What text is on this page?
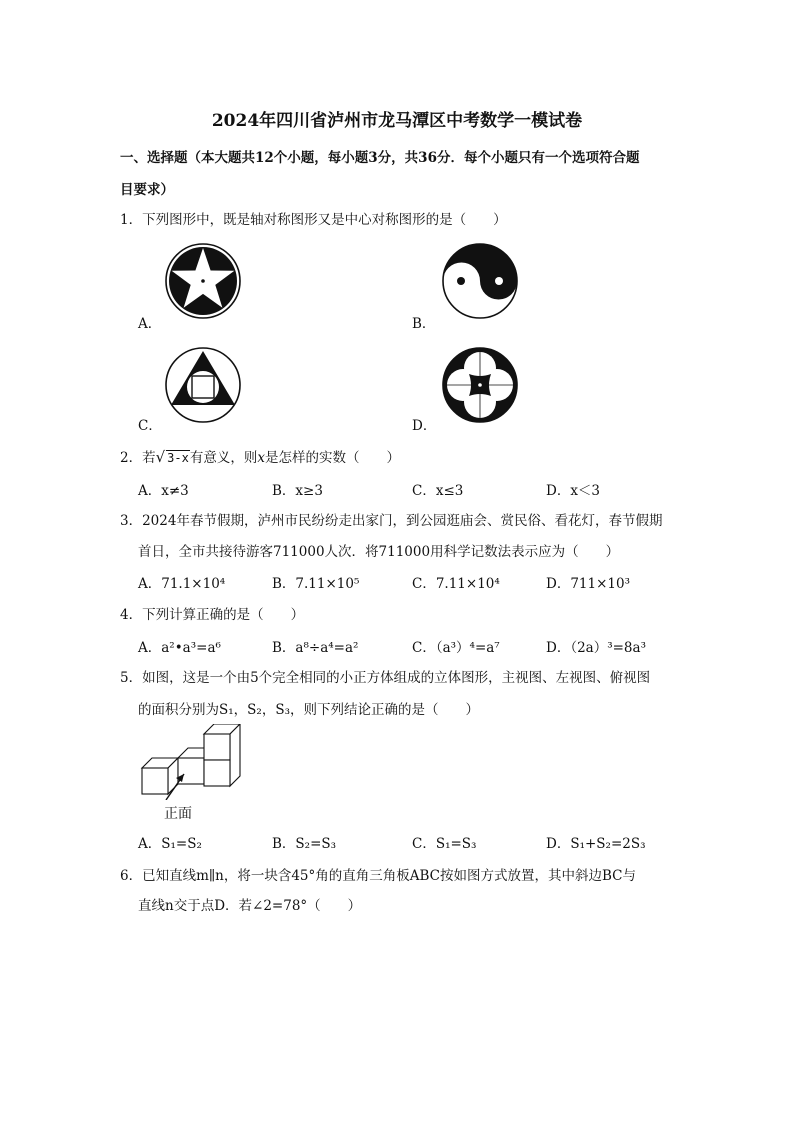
2024年四川省泸州市龙马潭区中考数学一模试卷
一、选择题（本大题共12个小题，每小题3分，共36分．每个小题只有一个选项符合题
目要求）
1．下列图形中，既是轴对称图形又是中心对称图形的是（　　）
A．	B．
C．	D．
2．若√ 3-x有意义，则x是怎样的实数（　　）
A．x≠3	B．x≥3	C．x≤3	D．x＜3
3．2024年春节假期，泸州市民纷纷走出家门，到公园逛庙会、赏民俗、看花灯，春节假期
首日，全市共接待游客711000人次．将711000用科学记数法表示应为（　　）
A．71.1×10⁴	B．7.11×10⁵	C．7.11×10⁴	D．711×10³
4．下列计算正确的是（　　）
A．a²•a³=a⁶	B．a⁸÷a⁴=a²	C．（a³）⁴=a⁷	D．（2a）³=8a³
5．如图，这是一个由5个完全相同的小正方体组成的立体图形，主视图、左视图、俯视图
的面积分别为S₁，S₂，S₃，则下列结论正确的是（　　）
正面
A．S₁=S₂	B．S₂=S₃	C．S₁=S₃	D．S₁+S₂=2S₃
6．已知直线m∥n，将一块含45°角的直角三角板ABC按如图方式放置，其中斜边BC与
直线n交于点D．若∠2=78°（　　）
